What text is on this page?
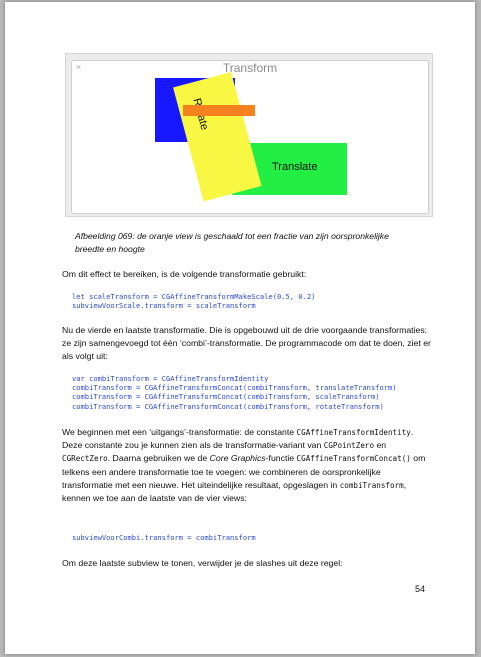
×	Transform
Translate
Afbeelding 069: de oranje view is geschaald tot een fractie van zijn oorspronkelijke breedte en hoogte
Om dit effect te bereiken, is de volgende transformatie gebruikt:
let scaleTransform = CGAffineTransformMakeScale(0.5, 0.2)
subviewVoorScale.transform = scaleTransform
Nu de vierde en laatste transformatie. Die is opgebouwd uit de drie voorgaande transformaties: ze zijn samengevoegd tot één ‘combi’-transformatie. De programmacode om dat te doen, ziet er als volgt uit:
var combiTransform = CGAffineTransformIdentity
combiTransform = CGAffineTransformConcat(combiTransform, translateTransform)
combiTransform = CGAffineTransformConcat(combiTransform, scaleTransform)
combiTransform = CGAffineTransformConcat(combiTransform, rotateTransform)
We beginnen met een ‘uitgangs’-transformatie: de constante CGAffineTransformIdentity. Deze constante zou je kunnen zien als de transformatie-variant van CGPointZero en CGRectZero. Daarna gebruiken we de Core Graphics-functie CGAffineTransformConcat() om telkens een andere transformatie toe te voegen: we combineren de oorspronkelijke transformatie met een nieuwe. Het uiteindelijke resultaat, opgeslagen in combiTransform, kennen we toe aan de laatste van de vier views:
subviewVoorCombi.transform = combiTransform
Om deze laatste subview te tonen, verwijder je de slashes uit deze regel:
54
